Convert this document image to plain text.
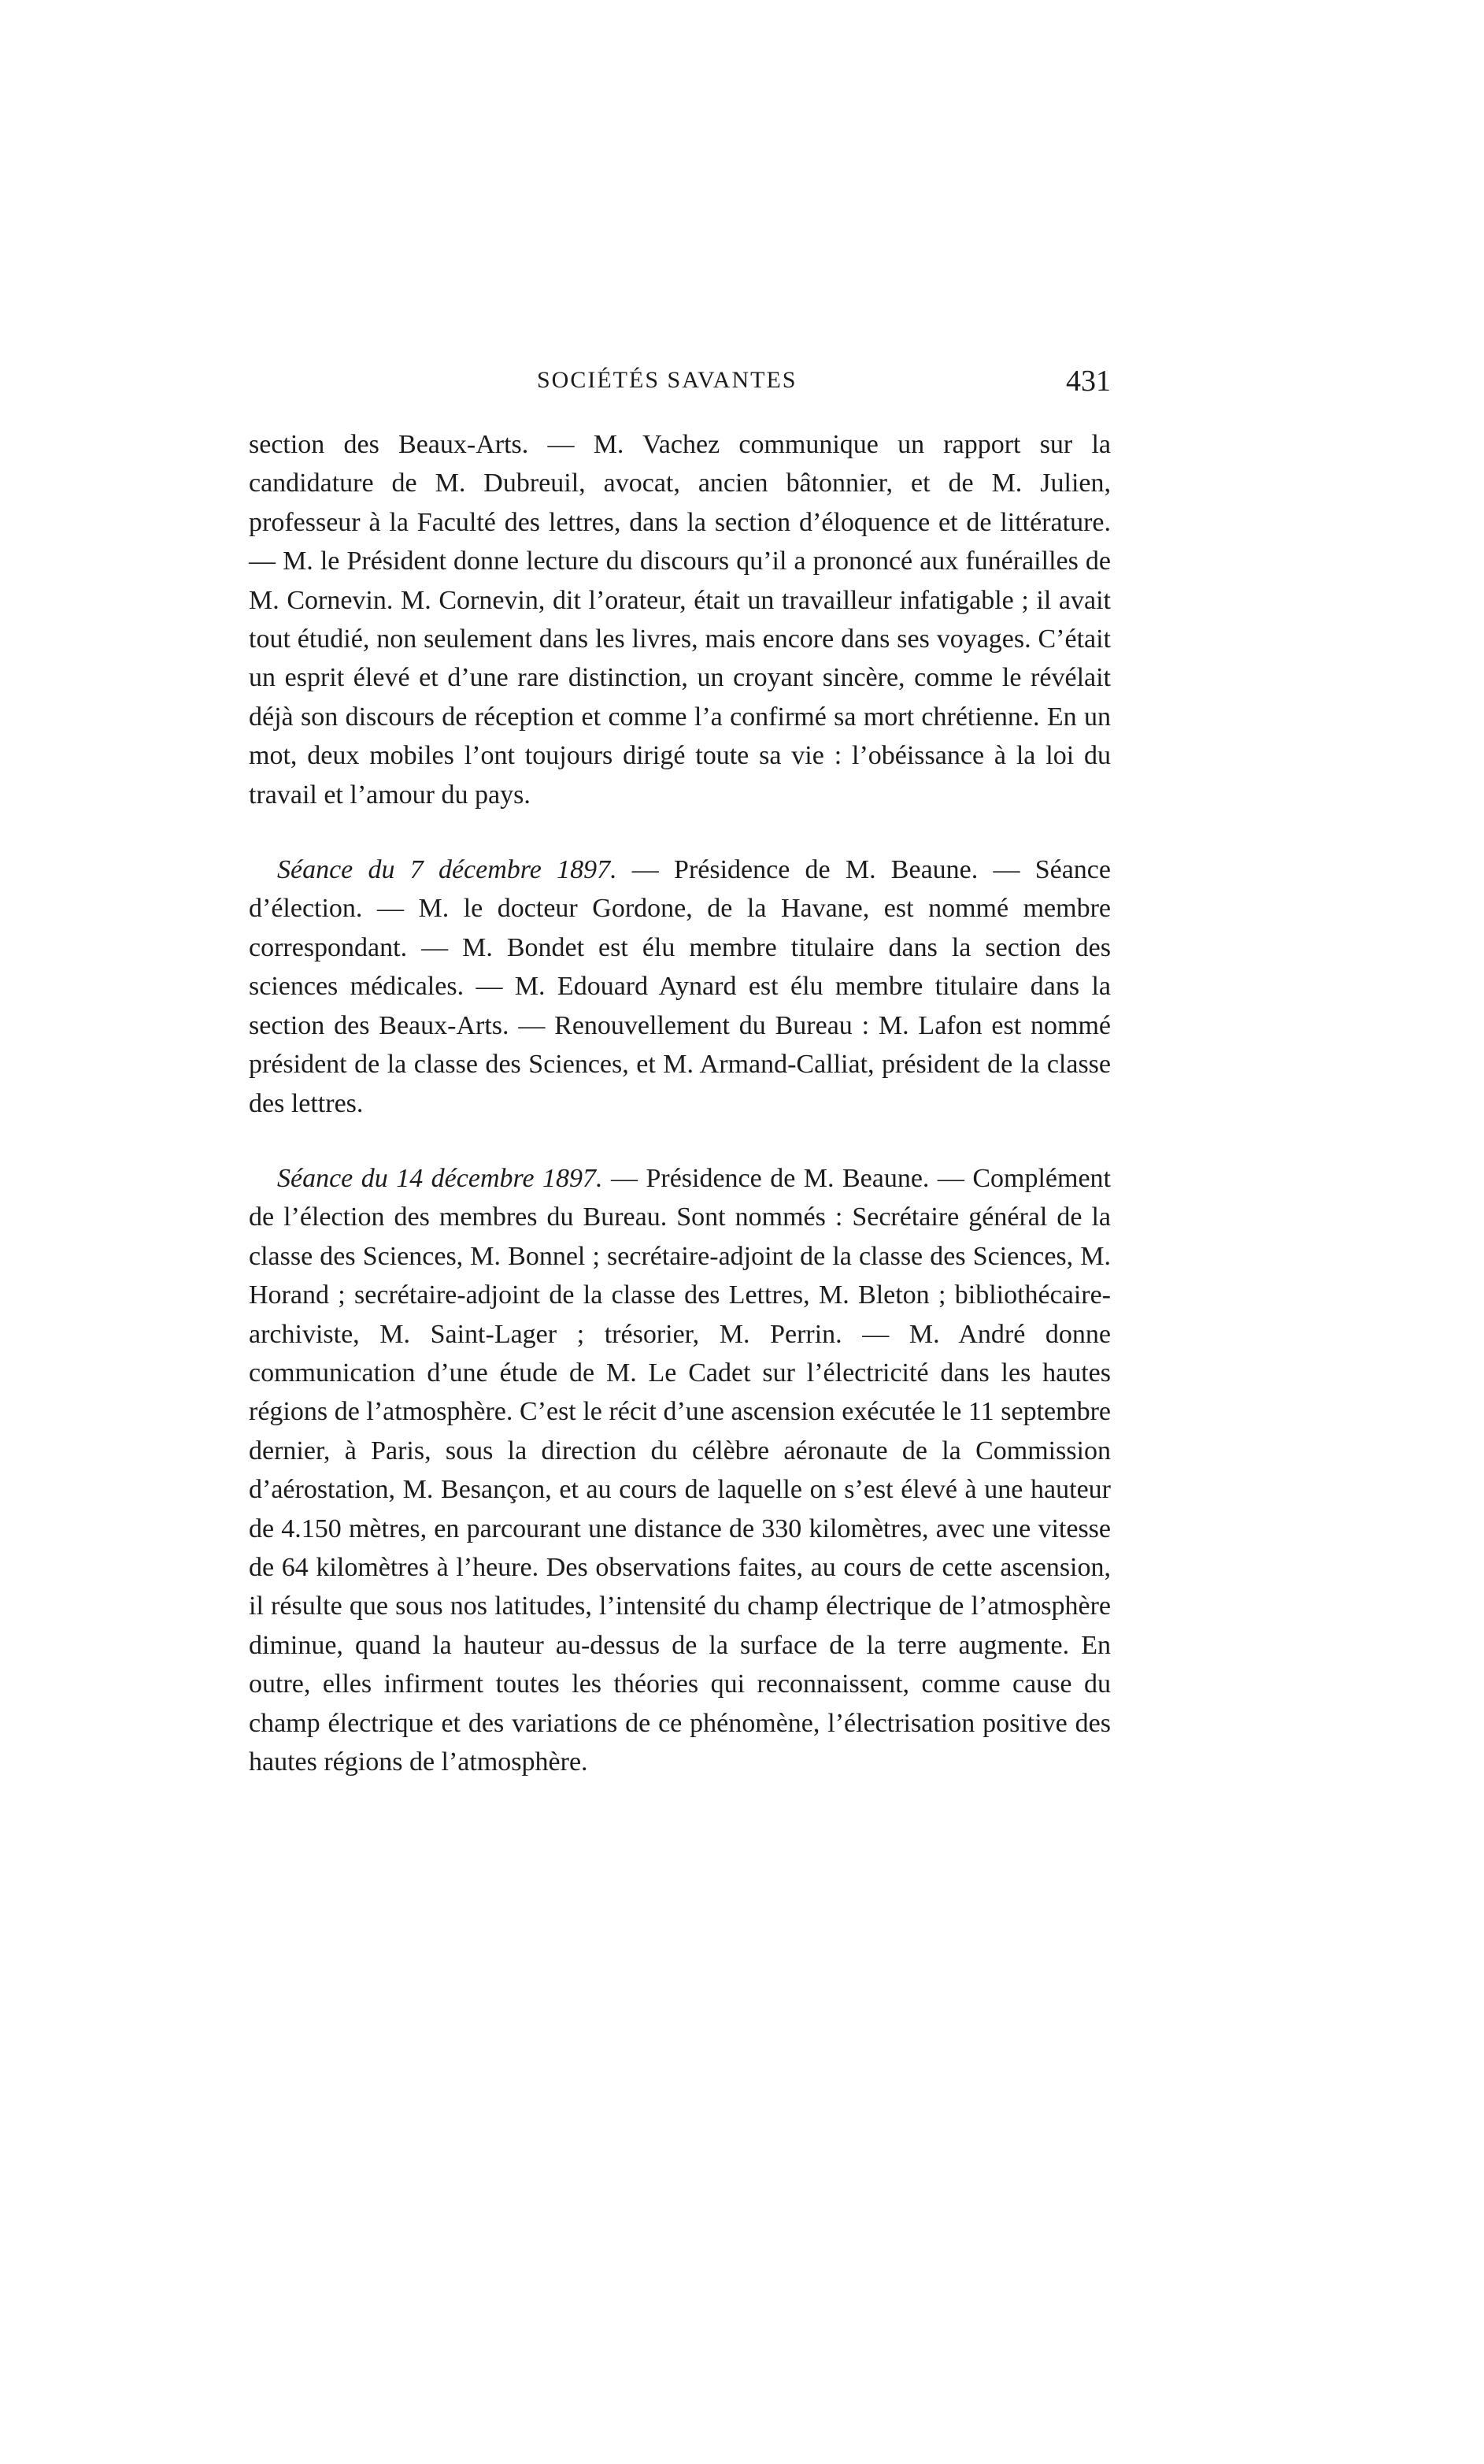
SOCIÉTÉS SAVANTES	431

section des Beaux-Arts. — M. Vachez communique un rapport sur la candidature de M. Dubreuil, avocat, ancien bâtonnier, et de M. Julien, professeur à la Faculté des lettres, dans la section d’éloquence et de littérature. — M. le Président donne lecture du discours qu’il a prononcé aux funérailles de M. Cornevin. M. Cornevin, dit l’orateur, était un travailleur infatigable ; il avait tout étudié, non seulement dans les livres, mais encore dans ses voyages. C’était un esprit élevé et d’une rare distinction, un croyant sincère, comme le révélait déjà son discours de réception et comme l’a confirmé sa mort chrétienne. En un mot, deux mobiles l’ont toujours dirigé toute sa vie : l’obéissance à la loi du travail et l’amour du pays.

Séance du 7 décembre 1897. — Présidence de M. Beaune. — Séance d’élection. — M. le docteur Gordone, de la Havane, est nommé membre correspondant. — M. Bondet est élu membre titulaire dans la section des sciences médicales. — M. Edouard Aynard est élu membre titulaire dans la section des Beaux-Arts. — Renouvellement du Bureau : M. Lafon est nommé président de la classe des Sciences, et M. Armand-Calliat, président de la classe des lettres.

Séance du 14 décembre 1897. — Présidence de M. Beaune. — Complément de l’élection des membres du Bureau. Sont nommés : Secrétaire général de la classe des Sciences, M. Bonnel ; secrétaire-adjoint de la classe des Sciences, M. Horand ; secrétaire-adjoint de la classe des Lettres, M. Bleton ; bibliothécaire-archiviste, M. Saint-Lager ; trésorier, M. Perrin. — M. André donne communication d’une étude de M. Le Cadet sur l’électricité dans les hautes régions de l’atmosphère. C’est le récit d’une ascension exécutée le 11 septembre dernier, à Paris, sous la direction du célèbre aéronaute de la Commission d’aérostation, M. Besançon, et au cours de laquelle on s’est élevé à une hauteur de 4.150 mètres, en parcourant une distance de 330 kilomètres, avec une vitesse de 64 kilomètres à l’heure. Des observations faites, au cours de cette ascension, il résulte que sous nos latitudes, l’intensité du champ électrique de l’atmosphère diminue, quand la hauteur au-dessus de la surface de la terre augmente. En outre, elles infirment toutes les théories qui reconnaissent, comme cause du champ électrique et des variations de ce phénomène, l’électrisation positive des hautes régions de l’atmosphère.
